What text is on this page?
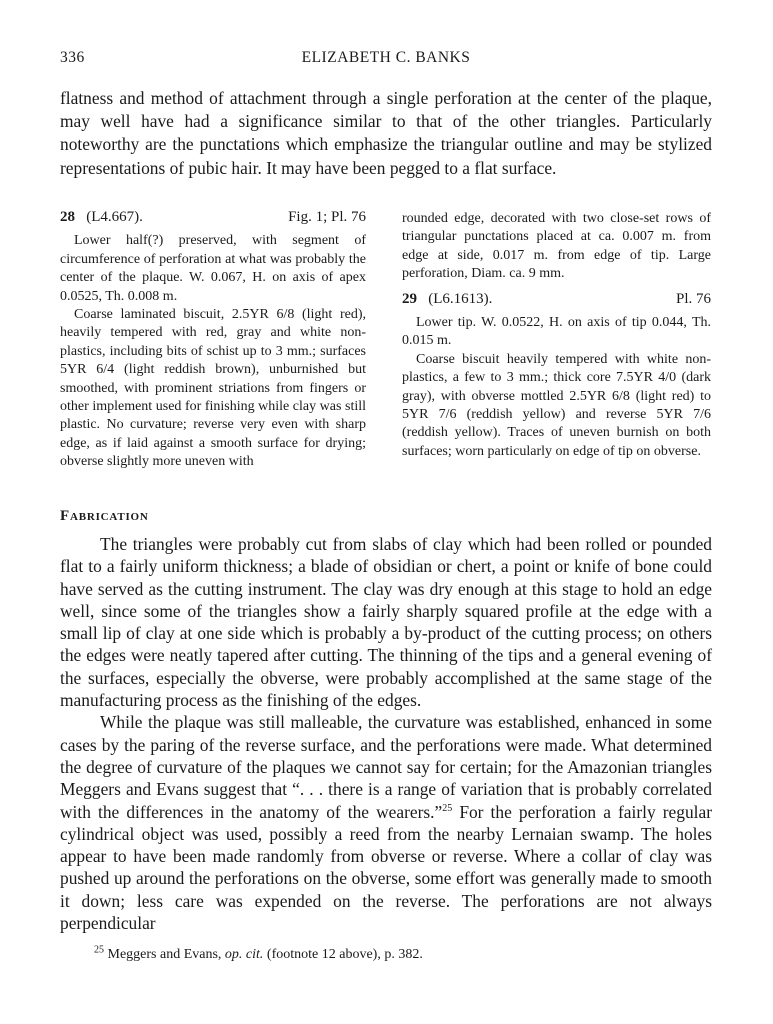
336	ELIZABETH C. BANKS

flatness and method of attachment through a single perforation at the center of the plaque, may well have had a significance similar to that of the other triangles. Particularly noteworthy are the punctations which emphasize the triangular outline and may be stylized representations of pubic hair. It may have been pegged to a flat surface.

28 (L4.667).	Fig. 1; Pl. 76

Lower half(?) preserved, with segment of circumference of perforation at what was probably the center of the plaque. W. 0.067, H. on axis of apex 0.0525, Th. 0.008 m.

Coarse laminated biscuit, 2.5YR 6/8 (light red), heavily tempered with red, gray and white non-plastics, including bits of schist up to 3 mm.; surfaces 5YR 6/4 (light reddish brown), unburnished but smoothed, with prominent striations from fingers or other implement used for finishing while clay was still plastic. No curvature; reverse very even with sharp edge, as if laid against a smooth surface for drying; obverse slightly more uneven with

rounded edge, decorated with two close-set rows of triangular punctations placed at ca. 0.007 m. from edge at side, 0.017 m. from edge of tip. Large perforation, Diam. ca. 9 mm.

29 (L6.1613).	Pl. 76

Lower tip. W. 0.0522, H. on axis of tip 0.044, Th. 0.015 m.

Coarse biscuit heavily tempered with white non-plastics, a few to 3 mm.; thick core 7.5YR 4/0 (dark gray), with obverse mottled 2.5YR 6/8 (light red) to 5YR 7/6 (reddish yellow) and reverse 5YR 7/6 (reddish yellow). Traces of uneven burnish on both surfaces; worn particularly on edge of tip on obverse.

Fabrication

The triangles were probably cut from slabs of clay which had been rolled or pounded flat to a fairly uniform thickness; a blade of obsidian or chert, a point or knife of bone could have served as the cutting instrument. The clay was dry enough at this stage to hold an edge well, since some of the triangles show a fairly sharply squared profile at the edge with a small lip of clay at one side which is probably a by-product of the cutting process; on others the edges were neatly tapered after cutting. The thinning of the tips and a general evening of the surfaces, especially the obverse, were probably accomplished at the same stage of the manufacturing process as the finishing of the edges.

While the plaque was still malleable, the curvature was established, enhanced in some cases by the paring of the reverse surface, and the perforations were made. What determined the degree of curvature of the plaques we cannot say for certain; for the Amazonian triangles Meggers and Evans suggest that “. . . there is a range of variation that is probably correlated with the differences in the anatomy of the wearers.”$^{25}$ For the perforation a fairly regular cylindrical object was used, possibly a reed from the nearby Lernaian swamp. The holes appear to have been made randomly from obverse or reverse. Where a collar of clay was pushed up around the perforations on the obverse, some effort was generally made to smooth it down; less care was expended on the reverse. The perforations are not always perpendicular

$^{25}$ Meggers and Evans, op. cit. (footnote 12 above), p. 382.
